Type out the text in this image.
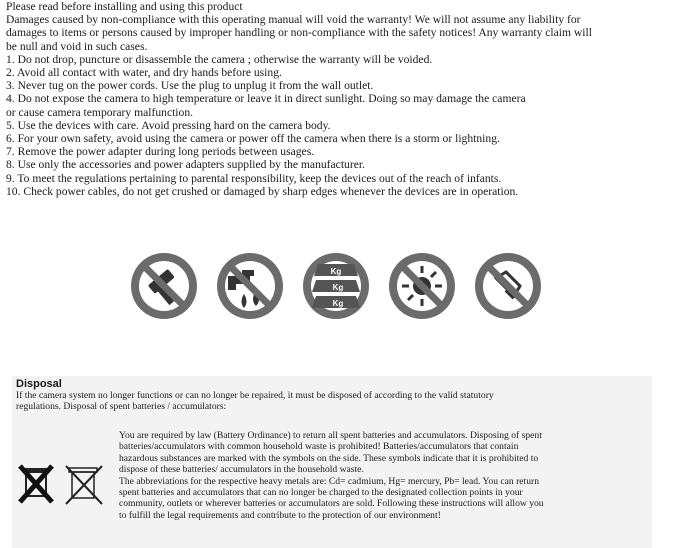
Please read before installing and using this product

Damages caused by non-compliance with this operating manual will void the warranty! We will not assume any liability for

damages to items or persons caused by improper handling or non-compliance with the safety notices! Any warranty claim will

be null and void in such cases.

1. Do not drop, puncture or disassemble the camera ; otherwise the warranty will be voided.

2. Avoid all contact with water, and dry hands before using.

3. Never tug on the power cords. Use the plug to unplug it from the wall outlet.

4. Do not expose the camera to high temperature or leave it in direct sunlight. Doing so may damage the camera

or cause camera temporary malfunction.

5. Use the devices with care. Avoid pressing hard on the camera body.

6. For your own safety, avoid using the camera or power off the camera when there is a storm or lightning.

7. Remove the power adapter during long periods between usages.

8. Use only the accessories and power adapters supplied by the manufacturer.

9. To meet the regulations pertaining to parental responsibility, keep the devices out of the reach of infants.

10. Check power cables, do not get crushed or damaged by sharp edges whenever the devices are in operation.

Kg
Kg
Kg

Disposal

If the camera system no longer functions or can no longer be repaired, it must be disposed of according to the valid statutory

regulations. Disposal of spent batteries / accumulators:

You are required by law (Battery Ordinance) to return all spent batteries and accumulators. Disposing of spent

batteries/accumulators with common household waste is prohibited! Batteries/accumulators that contain

hazardous substances are marked with the symbols on the side. These symbols indicate that it is prohibited to

dispose of these batteries/ accumulators in the household waste.

The abbreviations for the respective heavy metals are: Cd= cadmium, Hg= mercury, Pb= lead. You can return

spent batteries and accumulators that can no longer be charged to the designated collection points in your

community, outlets or wherever batteries or accumulators are sold. Following these instructions will allow you

to fulfill the legal requirements and contribute to the protection of our environment!
